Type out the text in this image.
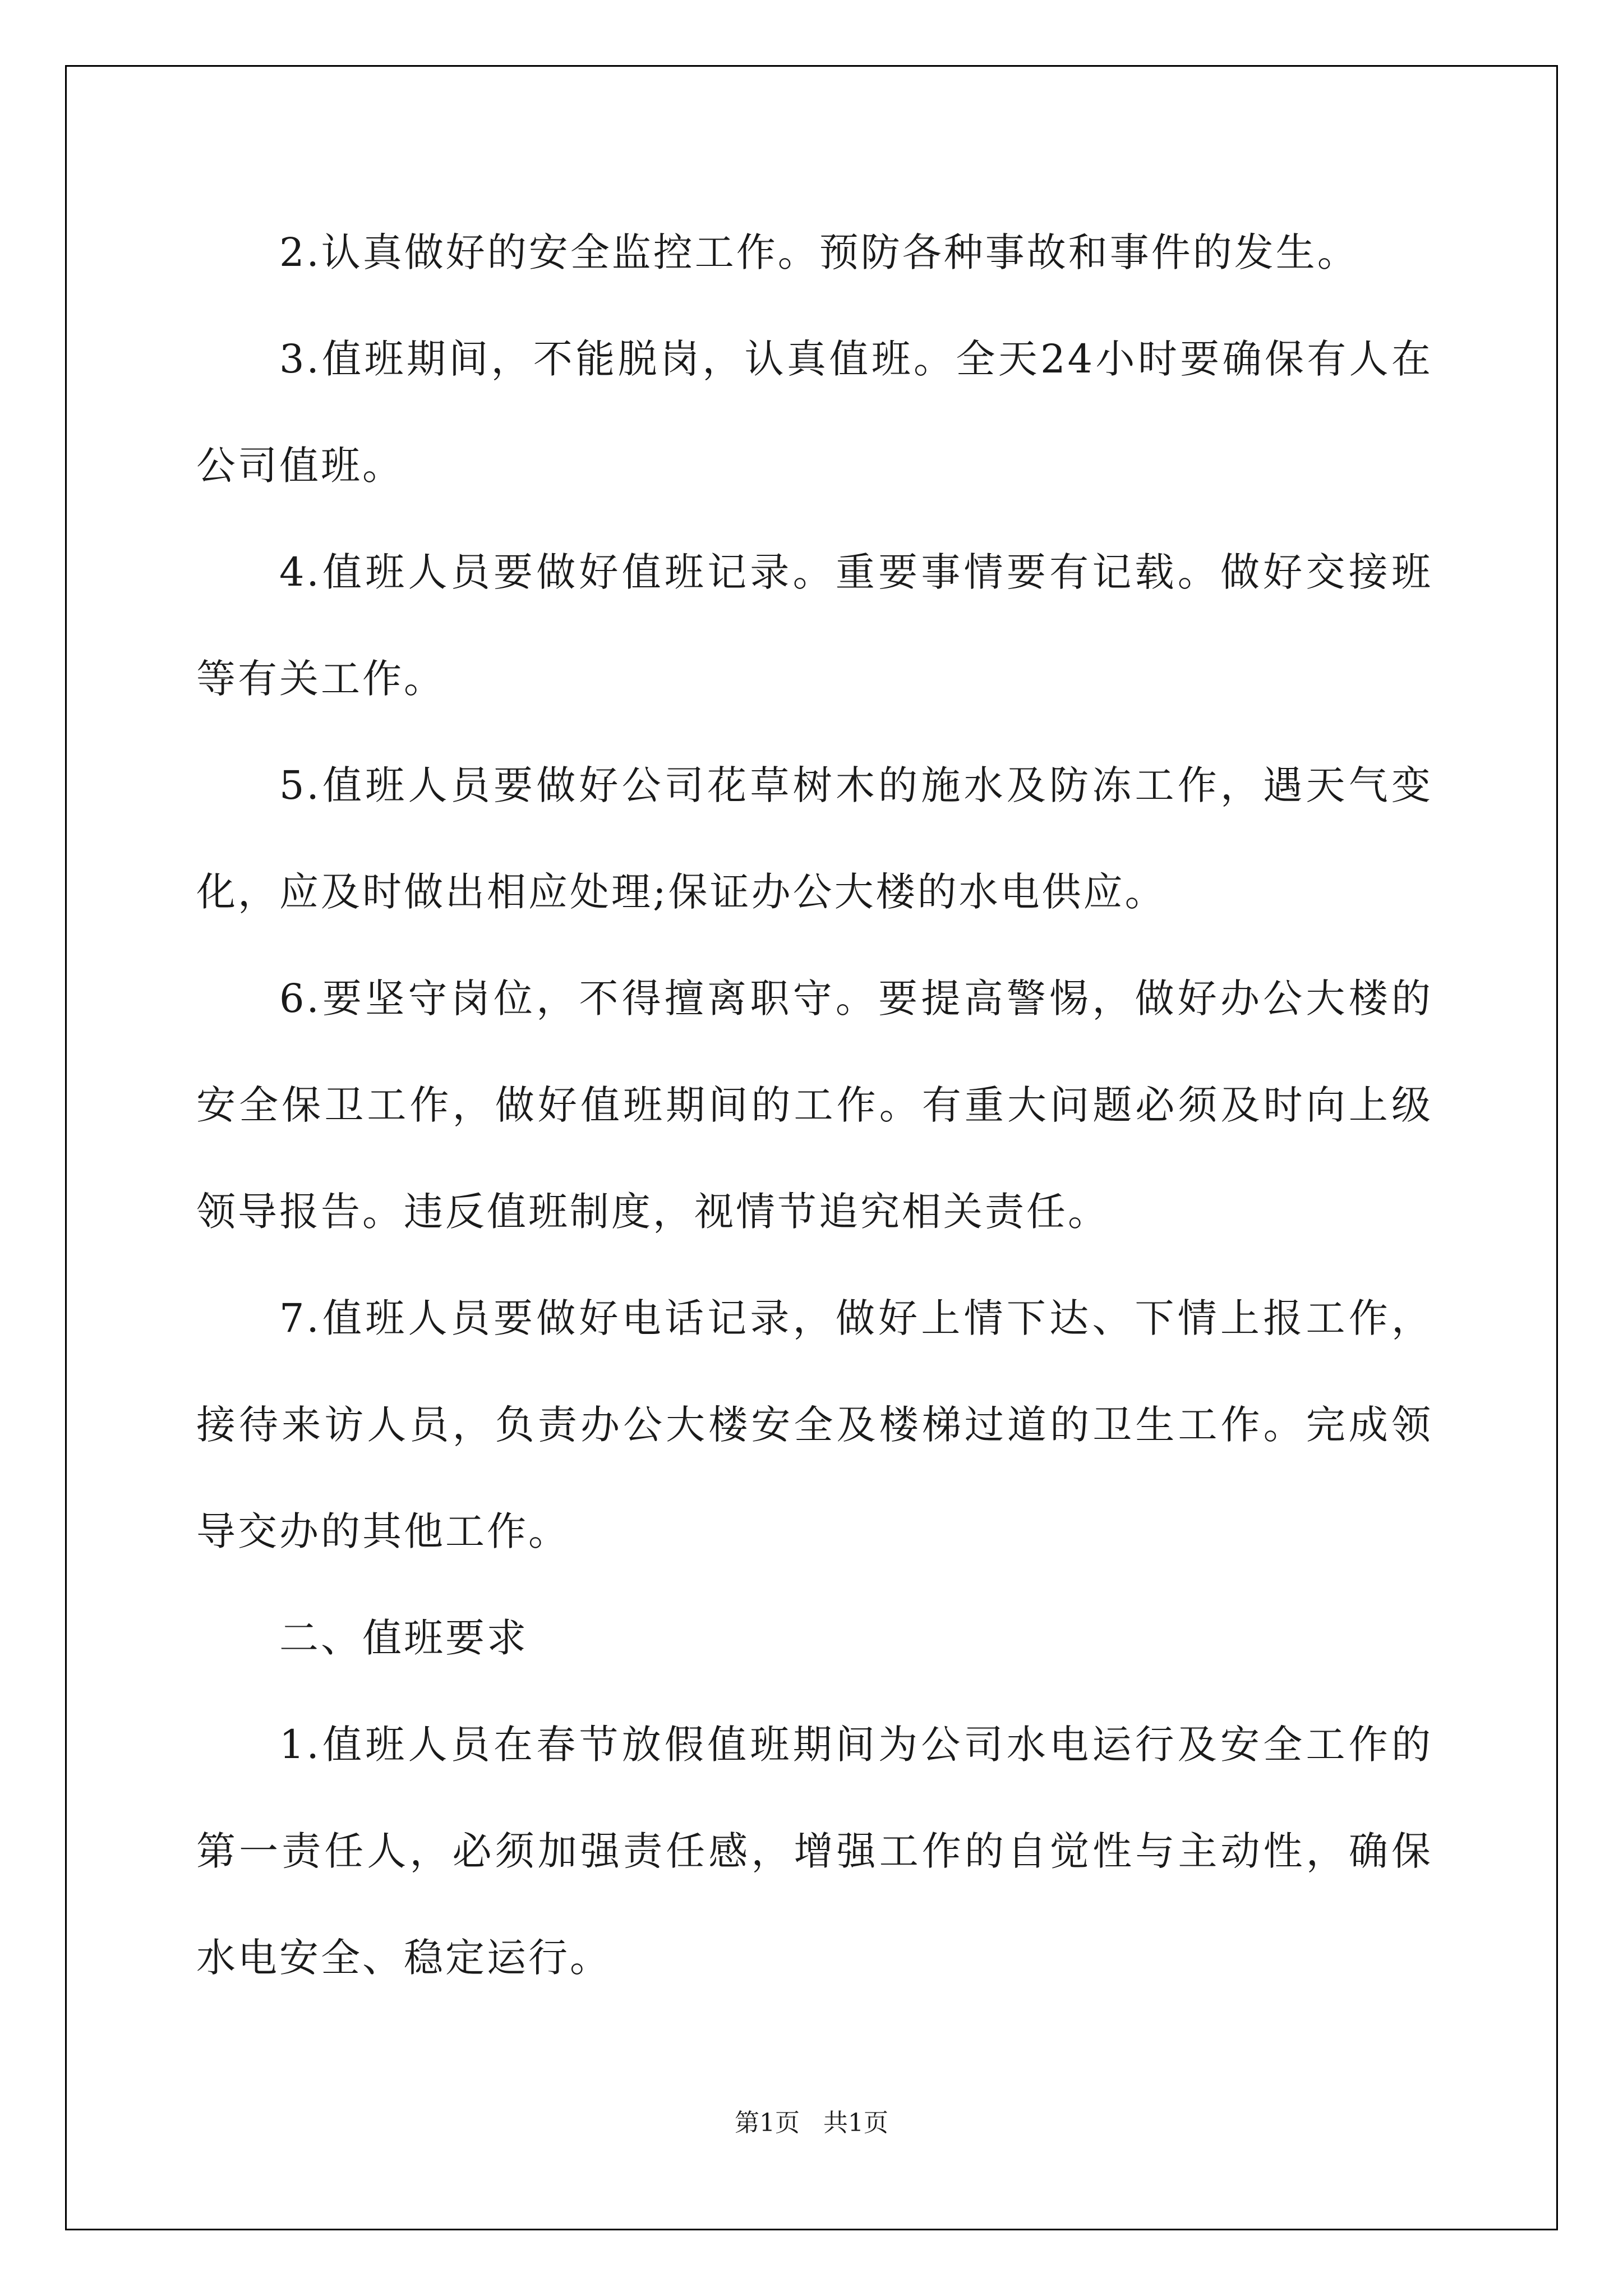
2.认真做好的安全监控工作。预防各种事故和事件的发生。

3.值班期间，不能脱岗，认真值班。全天24小时要确保有人在公司值班。

4.值班人员要做好值班记录。重要事情要有记载。做好交接班等有关工作。

5.值班人员要做好公司花草树木的施水及防冻工作，遇天气变化，应及时做出相应处理;保证办公大楼的水电供应。

6.要坚守岗位，不得擅离职守。要提高警惕，做好办公大楼的安全保卫工作，做好值班期间的工作。有重大问题必须及时向上级领导报告。违反值班制度，视情节追究相关责任。

7.值班人员要做好电话记录，做好上情下达、下情上报工作，接待来访人员，负责办公大楼安全及楼梯过道的卫生工作。完成领导交办的其他工作。

二、值班要求

1.值班人员在春节放假值班期间为公司水电运行及安全工作的第一责任人，必须加强责任感，增强工作的自觉性与主动性，确保水电安全、稳定运行。

第1页   共1页
